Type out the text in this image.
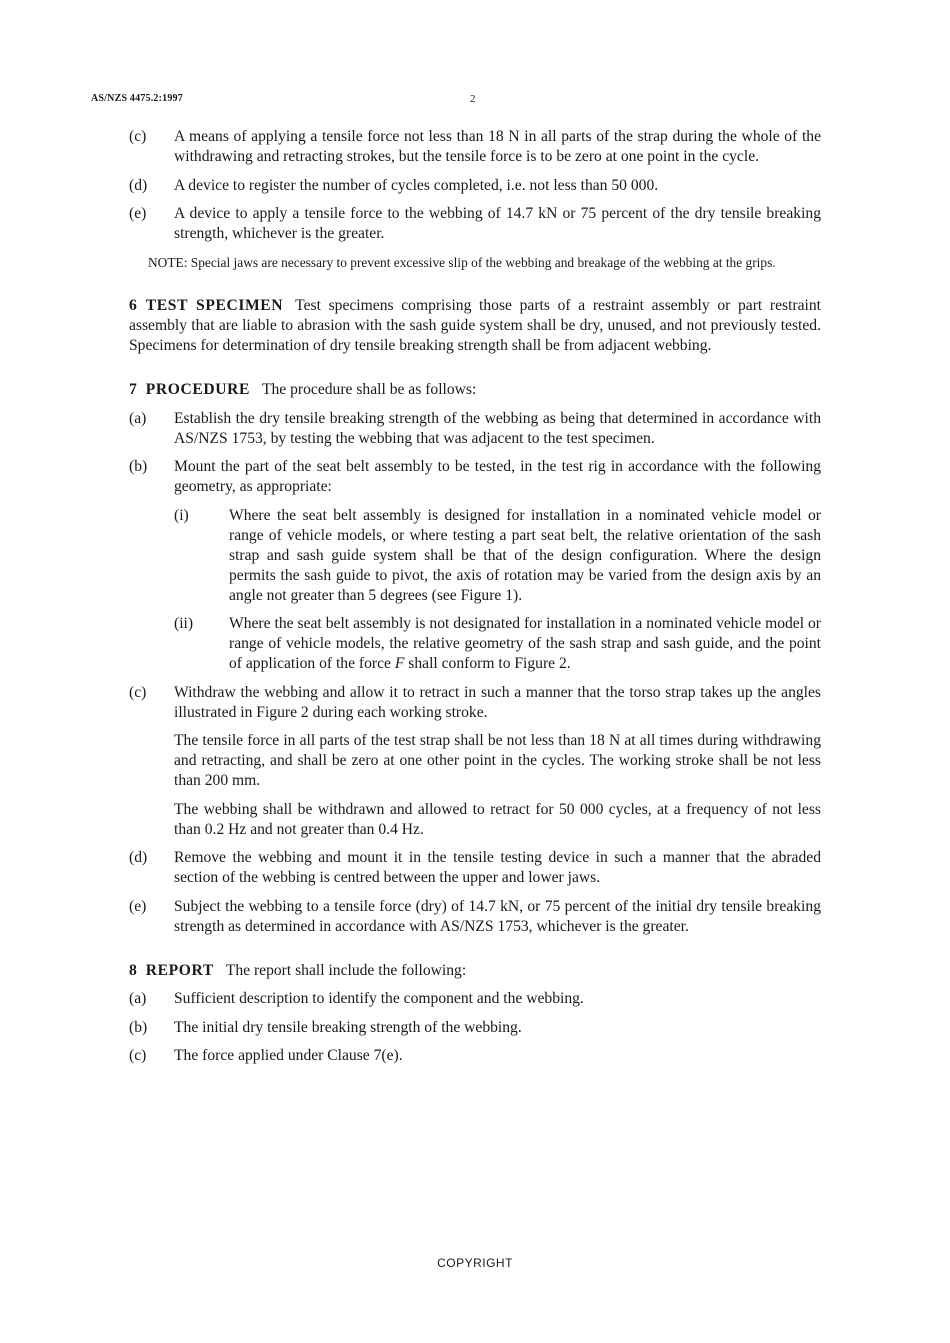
AS/NZS 4475.2:1997	2
(c)	A means of applying a tensile force not less than 18 N in all parts of the strap during the whole of the withdrawing and retracting strokes, but the tensile force is to be zero at one point in the cycle.
(d)	A device to register the number of cycles completed, i.e. not less than 50 000.
(e)	A device to apply a tensile force to the webbing of 14.7 kN or 75 percent of the dry tensile breaking strength, whichever is the greater.
NOTE: Special jaws are necessary to prevent excessive slip of the webbing and breakage of the webbing at the grips.
6 TEST SPECIMEN Test specimens comprising those parts of a restraint assembly or part restraint assembly that are liable to abrasion with the sash guide system shall be dry, unused, and not previously tested. Specimens for determination of dry tensile breaking strength shall be from adjacent webbing.
7 PROCEDURE The procedure shall be as follows:
(a)	Establish the dry tensile breaking strength of the webbing as being that determined in accordance with AS/NZS 1753, by testing the webbing that was adjacent to the test specimen.
(b)	Mount the part of the seat belt assembly to be tested, in the test rig in accordance with the following geometry, as appropriate:
(i)	Where the seat belt assembly is designed for installation in a nominated vehicle model or range of vehicle models, or where testing a part seat belt, the relative orientation of the sash strap and sash guide system shall be that of the design configuration. Where the design permits the sash guide to pivot, the axis of rotation may be varied from the design axis by an angle not greater than 5 degrees (see Figure 1).
(ii)	Where the seat belt assembly is not designated for installation in a nominated vehicle model or range of vehicle models, the relative geometry of the sash strap and sash guide, and the point of application of the force F shall conform to Figure 2.
(c)	Withdraw the webbing and allow it to retract in such a manner that the torso strap takes up the angles illustrated in Figure 2 during each working stroke.
The tensile force in all parts of the test strap shall be not less than 18 N at all times during withdrawing and retracting, and shall be zero at one other point in the cycles. The working stroke shall be not less than 200 mm.
The webbing shall be withdrawn and allowed to retract for 50 000 cycles, at a frequency of not less than 0.2 Hz and not greater than 0.4 Hz.
(d)	Remove the webbing and mount it in the tensile testing device in such a manner that the abraded section of the webbing is centred between the upper and lower jaws.
(e)	Subject the webbing to a tensile force (dry) of 14.7 kN, or 75 percent of the initial dry tensile breaking strength as determined in accordance with AS/NZS 1753, whichever is the greater.
8 REPORT The report shall include the following:
(a)	Sufficient description to identify the component and the webbing.
(b)	The initial dry tensile breaking strength of the webbing.
(c)	The force applied under Clause 7(e).
COPYRIGHT
